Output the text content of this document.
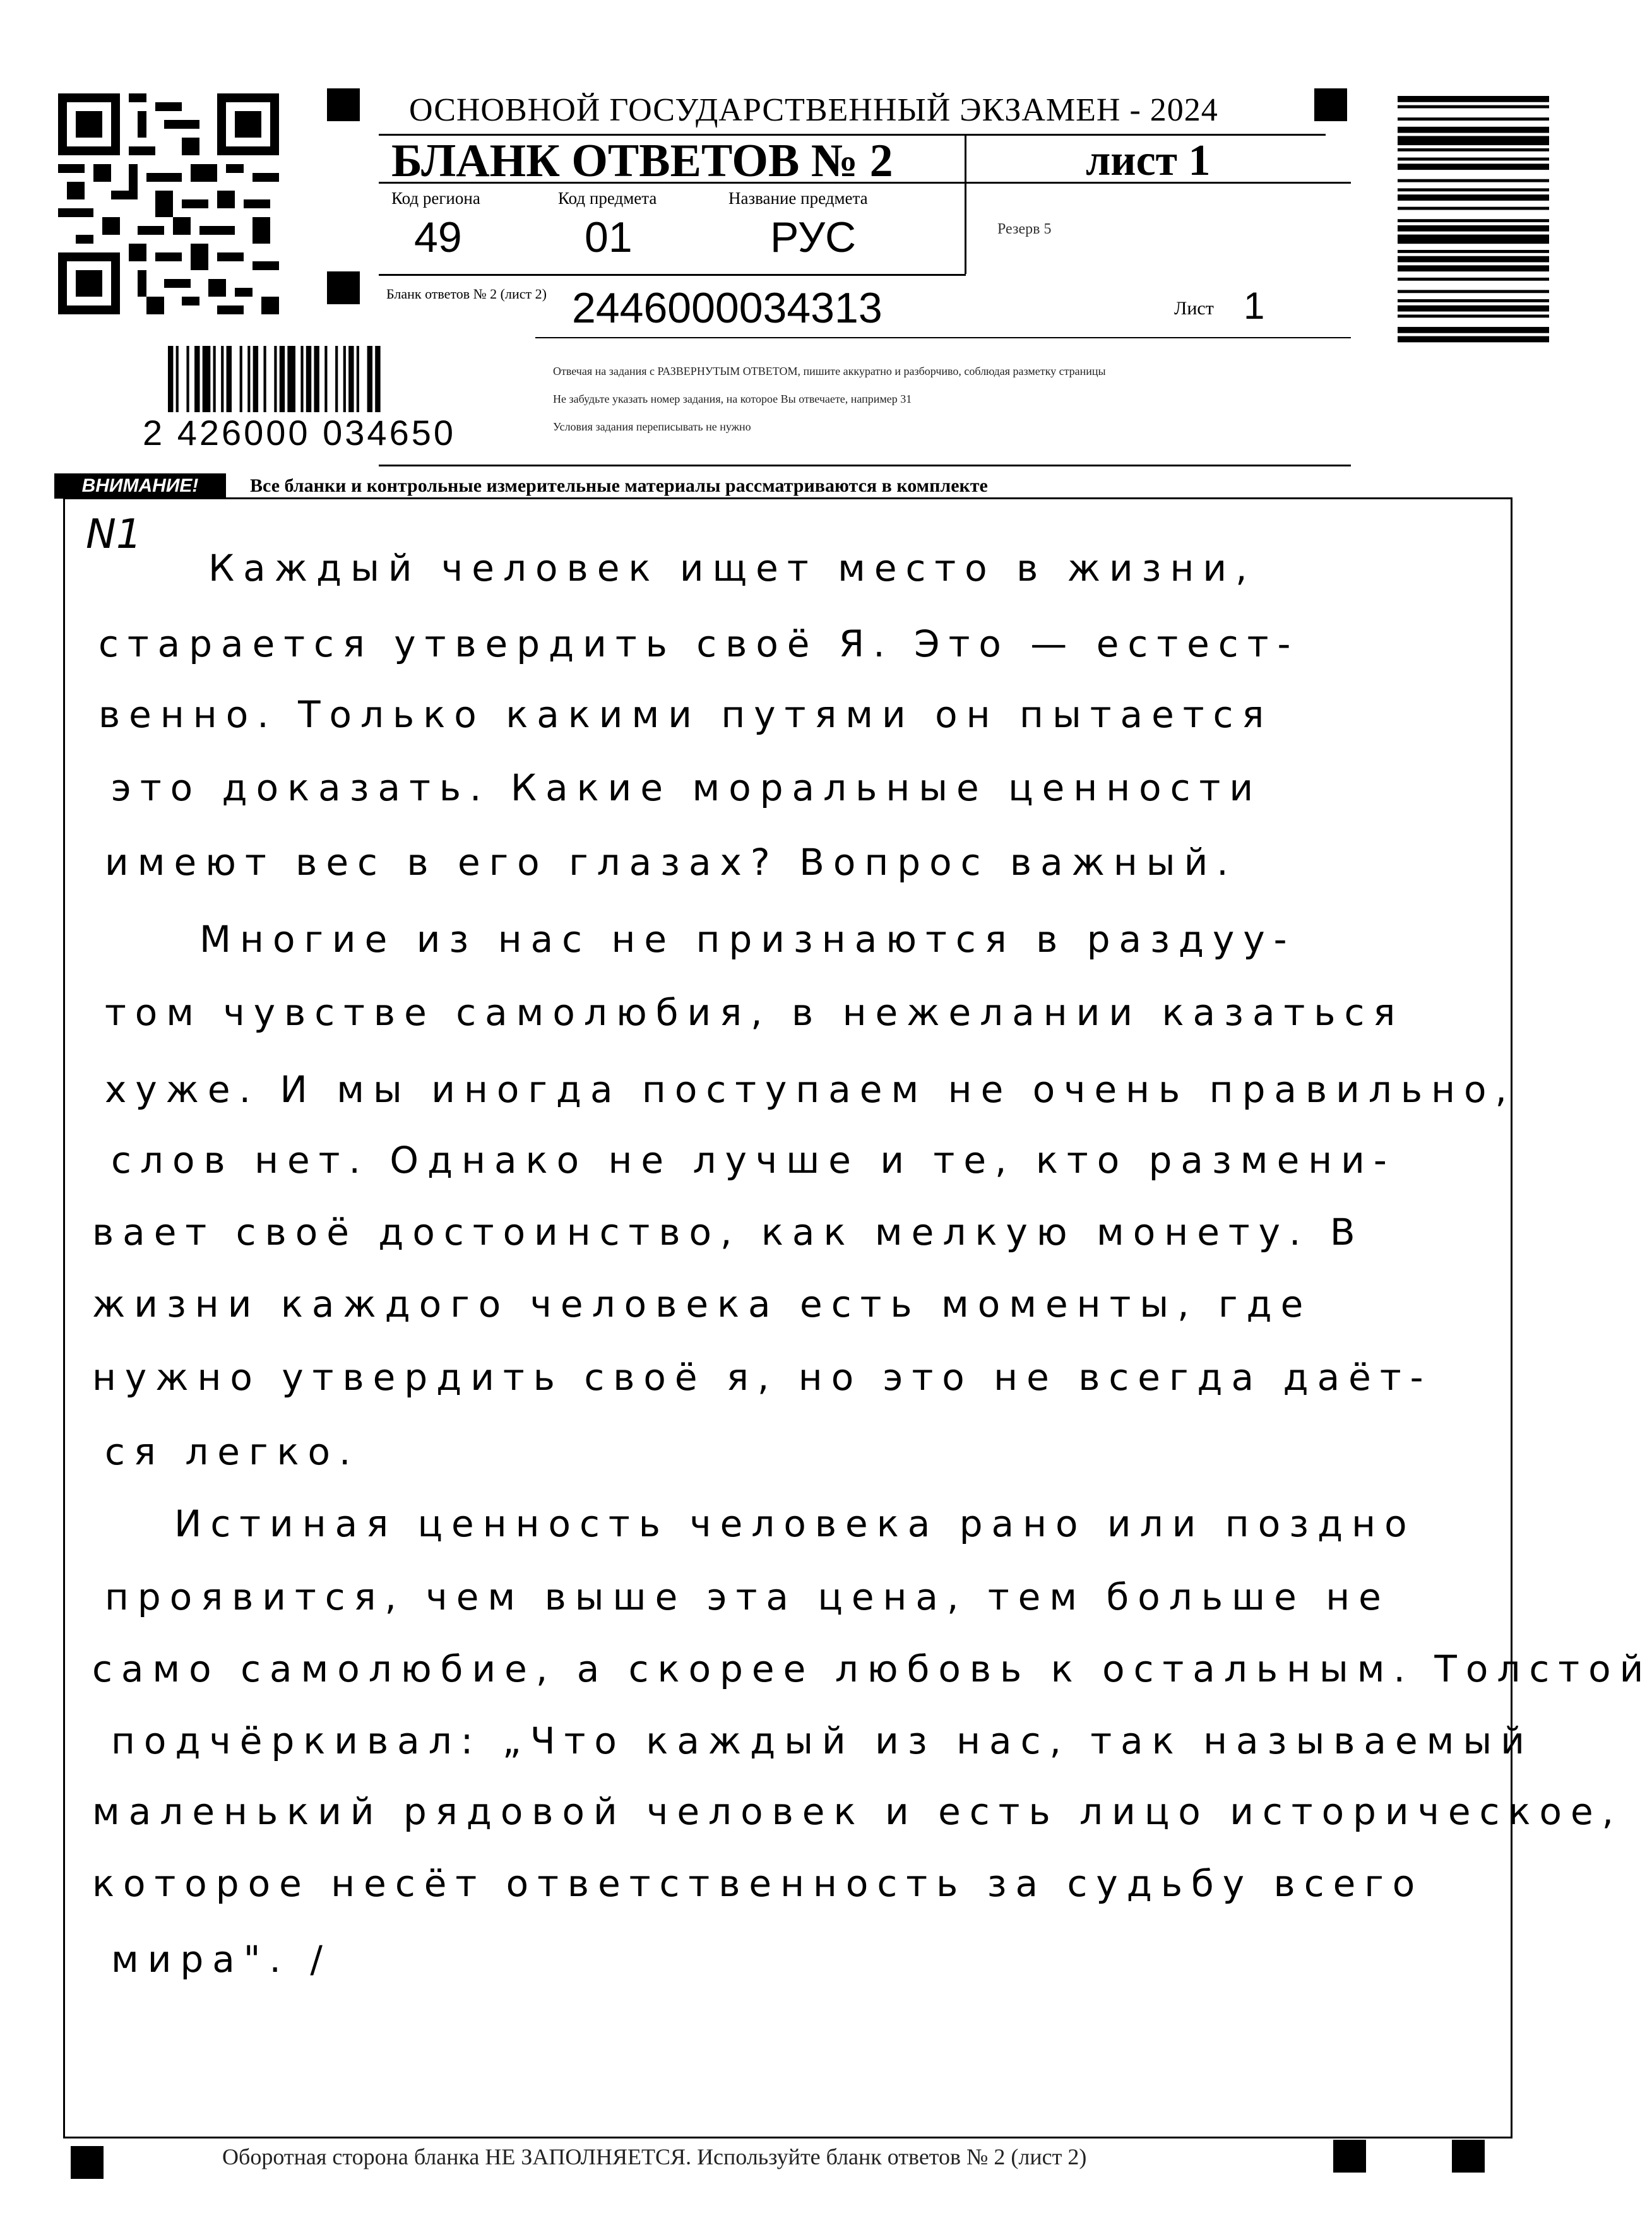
ОСНОВНОЙ ГОСУДАРСТВЕННЫЙ ЭКЗАМЕН - 2024
БЛАНК ОТВЕТОВ № 2	лист 1
Код региона
49
Код предмета
01
Название предмета
РУС	Резерв 5
Бланк ответов № 2 (лист 2) 2446000034313	Лист 1
Отвечая на задания с РАЗВЕРНУТЫМ ОТВЕТОМ, пишите аккуратно и разборчиво, соблюдая разметку страницы
Не забудьте указать номер задания, на которое Вы отвечаете, например 31
Условия задания переписывать не нужно
2 426000 034650
ВНИМАНИЕ!	Все бланки и контрольные измерительные материалы рассматриваются в комплекте
N1
Каждый человек ищет место в жизни,
старается утвердить своё Я. Это — естест-
венно. Только какими путями он пытается
это доказать. Какие моральные ценности
имеют вес в его глазах? Вопрос важный.
Многие из нас не признаются в раздуу-
том чувстве самолюбия, в нежелании казаться
хуже. И мы иногда поступаем не очень правильно,
слов нет. Однако не лучше и те, кто размени-
вает своё достоинство, как мелкую монету. В
жизни каждого человека есть моменты, где
нужно утвердить своё я, но это не всегда даёт-
ся легко.
Истиная ценность человека рано или поздно
проявится, чем выше эта цена, тем больше не
само самолюбие, а скорее любовь к остальным. Толстой
подчёркивал: „Что каждый из нас, так называемый
маленький рядовой человек и есть лицо историческое,
которое несёт ответственность за судьбу всего
мира". /
Оборотная сторона бланка НЕ ЗАПОЛНЯЕТСЯ. Используйте бланк ответов № 2 (лист 2)
